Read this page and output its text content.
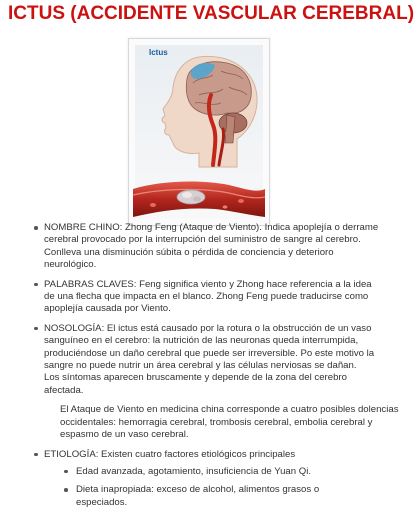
ICTUS (ACCIDENTE VASCULAR CEREBRAL)
Ictus
NOMBRE CHINO: Zhong Feng (Ataque de Viento). Indica apoplejía o derrame
cerebral provocado por la interrupción del suministro de sangre al cerebro.
Conlleva una disminución súbita o pérdida de conciencia y deterioro
neurológico.
PALABRAS CLAVES: Feng significa viento y Zhong hace referencia a la idea
de una flecha que impacta en el blanco. Zhong Feng puede traducirse como
apoplejía causada por Viento.
NOSOLOGÍA: El ictus está causado por la rotura o la obstrucción de un vaso
sanguíneo en el cerebro: la nutrición de las neuronas queda interrumpida,
produciéndose un daño cerebral que puede ser irreversible. Po este motivo la
sangre no puede nutrir un área cerebral y las células nerviosas se dañan.
Los síntomas aparecen bruscamente y depende de la zona del cerebro
afectada.
El Ataque de Viento en medicina china corresponde a cuatro posibles dolencias
occidentales: hemorragia cerebral, trombosis cerebral, embolia cerebral y
espasmo de un vaso cerebral.
ETIOLOGÍA: Existen cuatro factores etiológicos principales
Edad avanzada, agotamiento, insuficiencia de Yuan Qi.
Dieta inapropiada: exceso de alcohol, alimentos grasos o
especiados.
